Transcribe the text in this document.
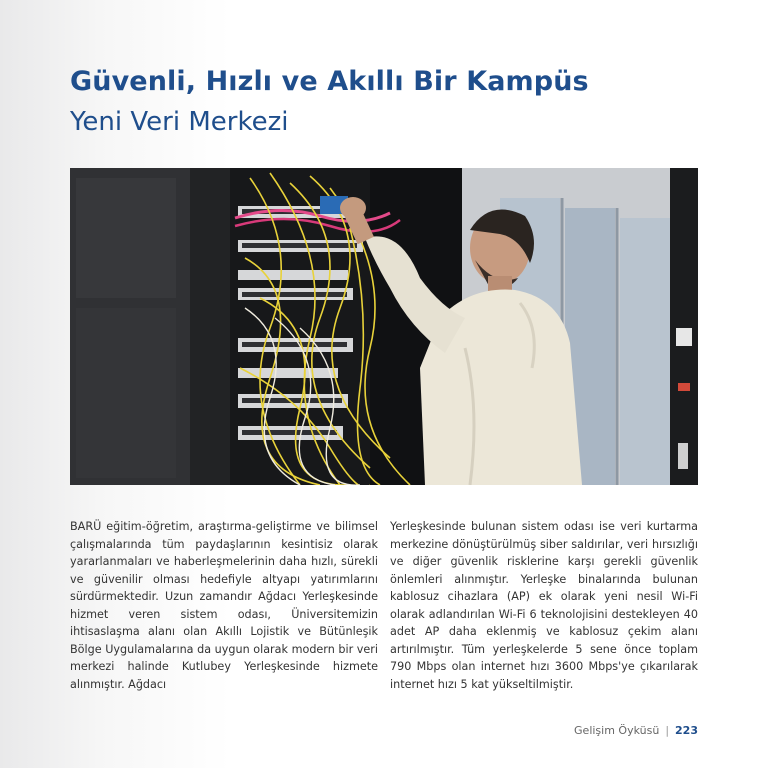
Güvenli, Hızlı ve Akıllı Bir Kampüs
Yeni Veri Merkezi

BARÜ eğitim-öğretim, araştırma-geliştirme ve bilimsel çalışmalarında tüm paydaşlarının kesintisiz olarak yararlanmaları ve haberleşmelerinin daha hızlı, sürekli ve güvenilir olması hedefiyle altyapı yatırımlarını sürdürmektedir. Uzun zamandır Ağdacı Yerleşkesinde hizmet veren sistem odası, Üniversitemizin ihtisaslaşma alanı olan Akıllı Lojistik ve Bütünleşik Bölge Uygulamalarına da uygun olarak modern bir veri merkezi halinde Kutlubey Yerleşkesinde hizmete alınmıştır. Ağdacı

Yerleşkesinde bulunan sistem odası ise veri kurtarma merkezine dönüştürülmüş siber saldırılar, veri hırsızlığı ve diğer güvenlik risklerine karşı gerekli güvenlik önlemleri alınmıştır. Yerleşke binalarında bulunan kablosuz cihazlara (AP) ek olarak yeni nesil Wi-Fi olarak adlandırılan Wi-Fi 6 teknolojisini destekleyen 40 adet AP daha eklenmiş ve kablosuz çekim alanı artırılmıştır. Tüm yerleşkelerde 5 sene önce toplam 790 Mbps olan internet hızı 3600 Mbps'ye çıkarılarak internet hızı 5 kat yükseltilmiştir.

Gelişim Öyküsü | 223
